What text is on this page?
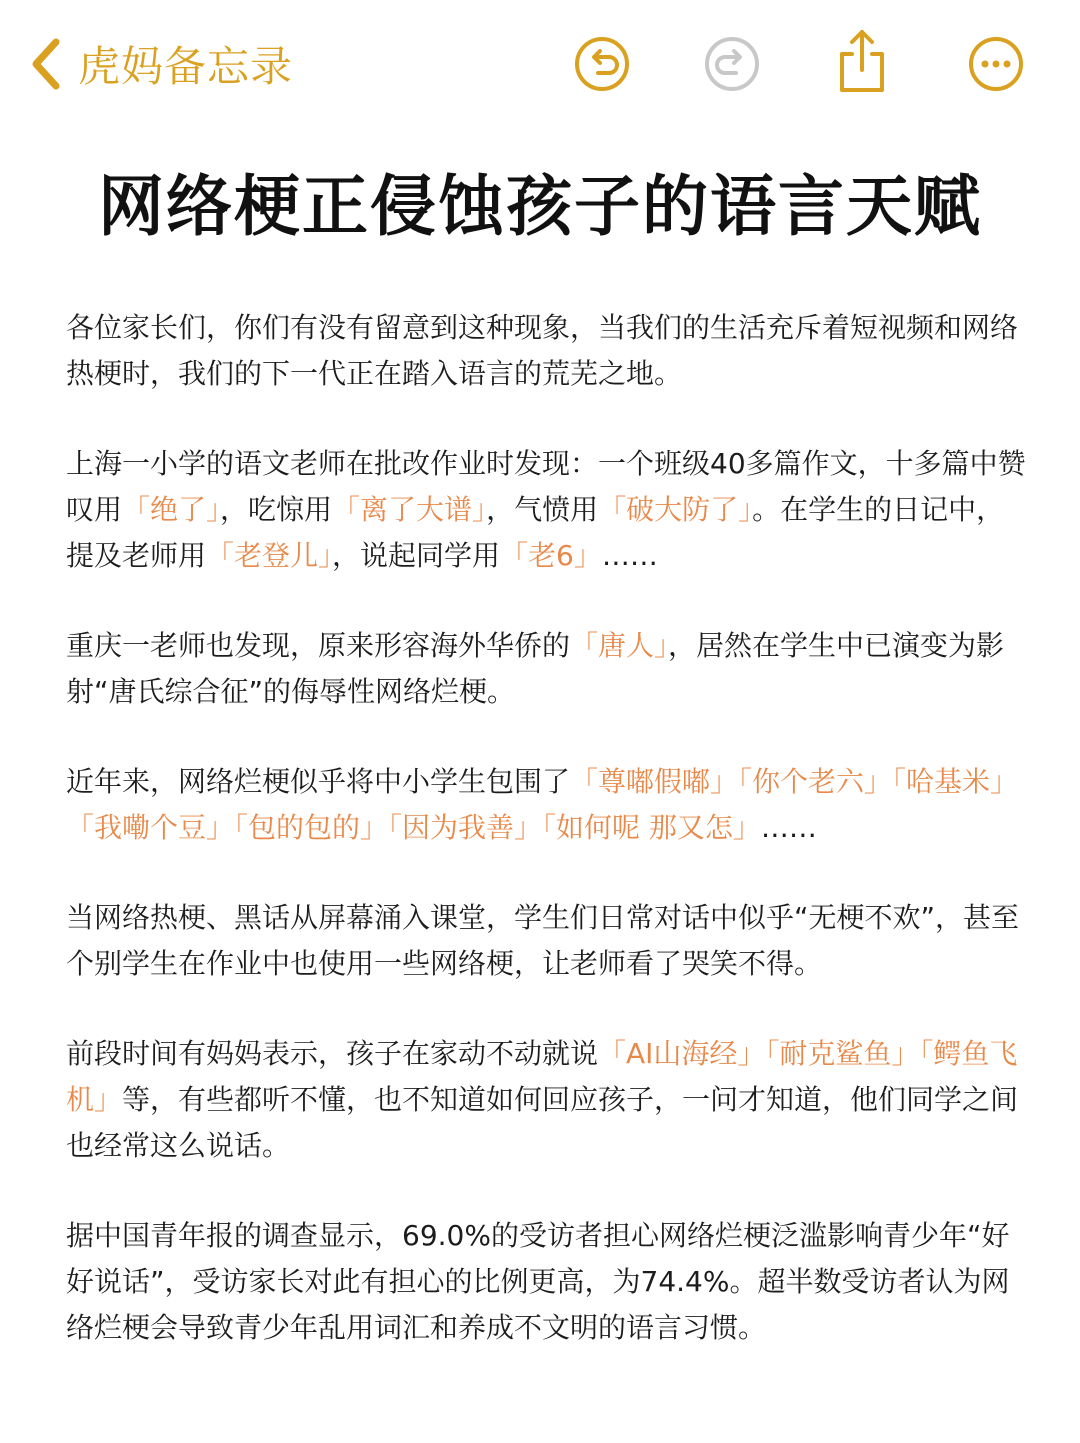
虎妈备忘录
网络梗正侵蚀孩子的语言天赋

各位家长们，你们有没有留意到这种现象，当我们的生活充斥着短视频和网络热梗时，我们的下一代正在踏入语言的荒芜之地。

上海一小学的语文老师在批改作业时发现：一个班级40多篇作文，十多篇中赞叹用「绝了」，吃惊用「离了大谱」，气愤用「破大防了」。在学生的日记中，提及老师用「老登儿」，说起同学用「老6」……

重庆一老师也发现，原来形容海外华侨的「唐人」，居然在学生中已演变为影射“唐氏综合征”的侮辱性网络烂梗。

近年来，网络烂梗似乎将中小学生包围了「尊嘟假嘟」「你个老六」「哈基米」「我嘞个豆」「包的包的」「因为我善」「如何呢 那又怎」……

当网络热梗、黑话从屏幕涌入课堂，学生们日常对话中似乎“无梗不欢”，甚至个别学生在作业中也使用一些网络梗，让老师看了哭笑不得。

前段时间有妈妈表示，孩子在家动不动就说「AI山海经」「耐克鲨鱼」「鳄鱼飞机」等，有些都听不懂，也不知道如何回应孩子，一问才知道，他们同学之间也经常这么说话。

据中国青年报的调查显示，69.0%的受访者担心网络烂梗泛滥影响青少年“好好说话”，受访家长对此有担心的比例更高，为74.4%。超半数受访者认为网络烂梗会导致青少年乱用词汇和养成不文明的语言习惯。
